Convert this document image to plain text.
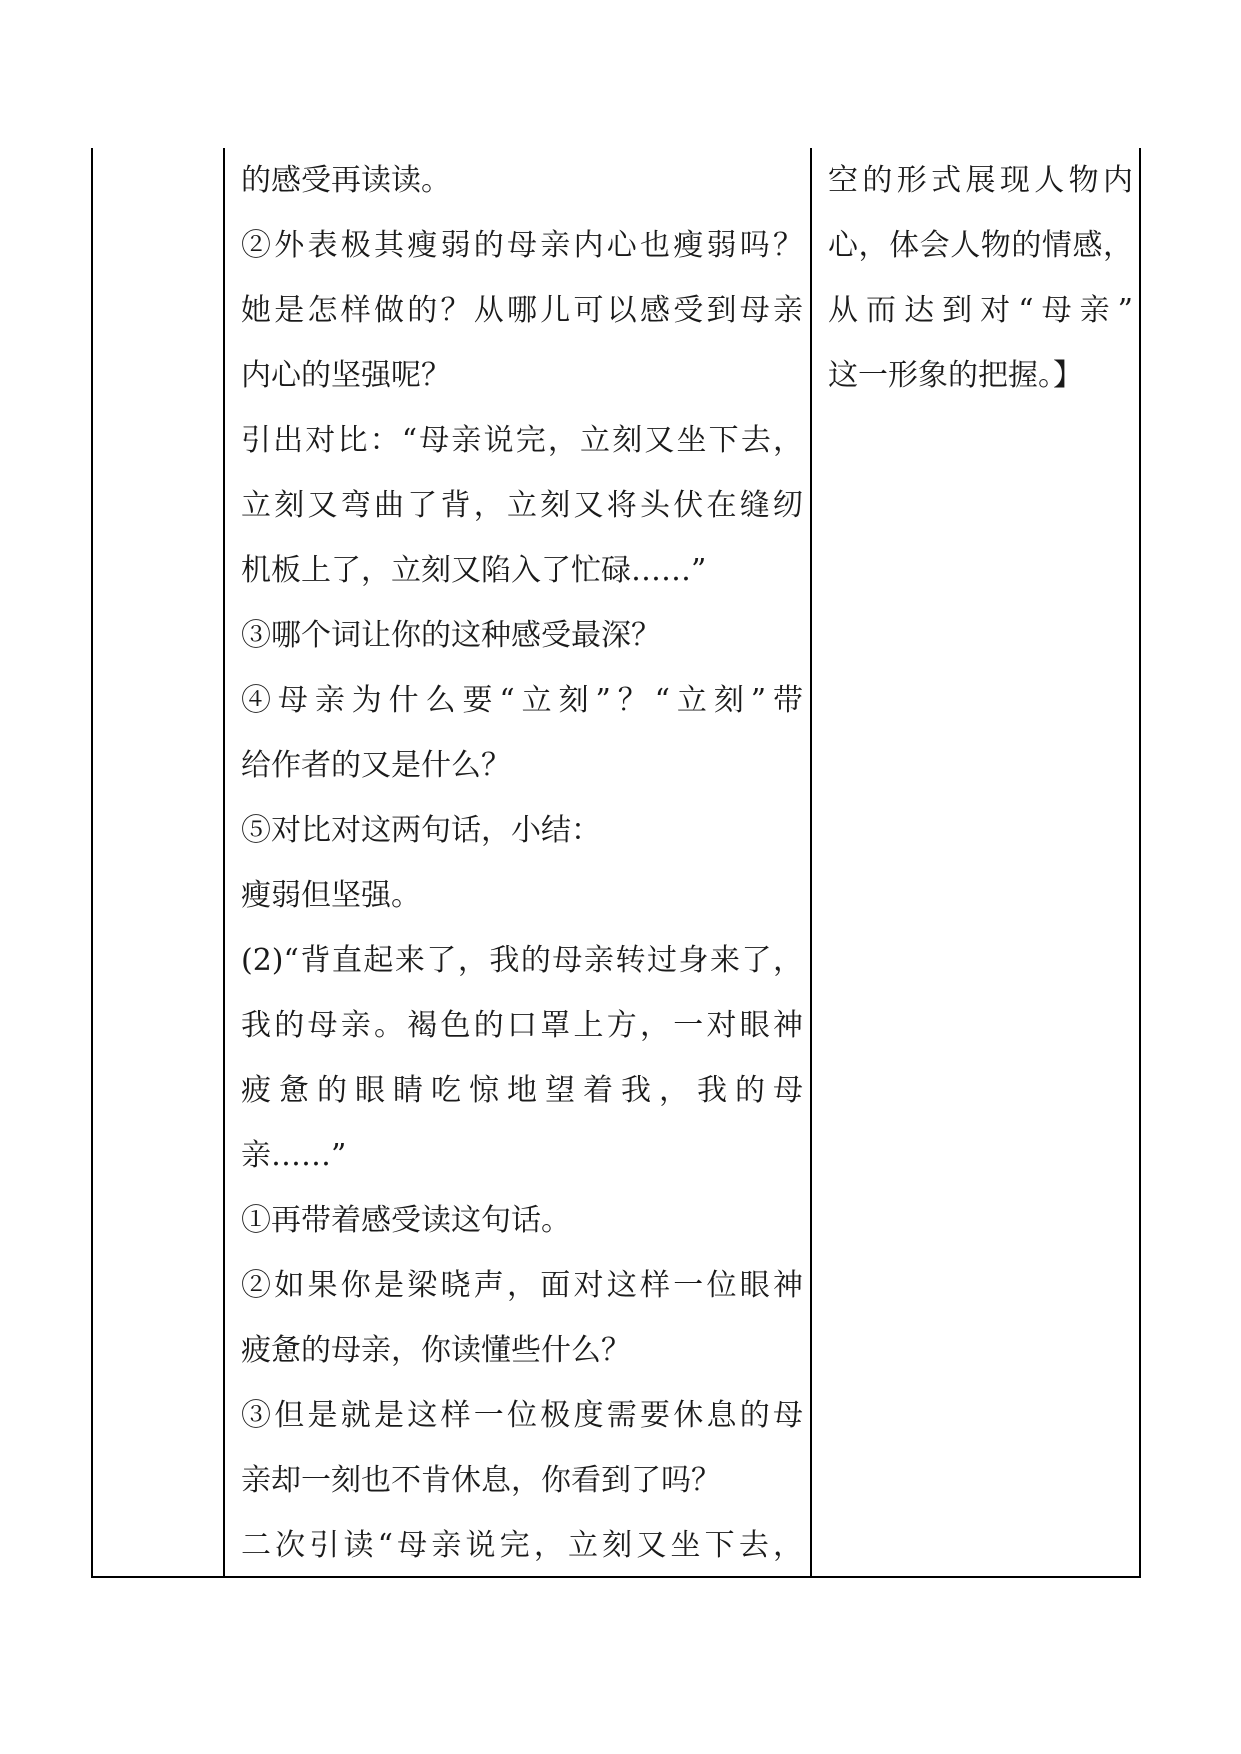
的感受再读读。
②外表极其瘦弱的母亲内心也瘦弱吗？
她是怎样做的？从哪儿可以感受到母亲
内心的坚强呢？
引出对比：“母亲说完，立刻又坐下去，
立刻又弯曲了背，立刻又将头伏在缝纫
机板上了，立刻又陷入了忙碌……”
③哪个词让你的这种感受最深？
④母亲为什么要“立刻”？“立刻”带
给作者的又是什么？
⑤对比对这两句话，小结：
瘦弱但坚强。
(2)“背直起来了，我的母亲转过身来了，
我的母亲。褐色的口罩上方，一对眼神
疲惫的眼睛吃惊地望着我，我的母
亲……”
①再带着感受读这句话。
②如果你是梁晓声，面对这样一位眼神
疲惫的母亲，你读懂些什么？
③但是就是这样一位极度需要休息的母
亲却一刻也不肯休息，你看到了吗？
二次引读“母亲说完，立刻又坐下去，
空的形式展现人物内
心，体会人物的情感，
从而达到对“母亲”
这一形象的把握。】
